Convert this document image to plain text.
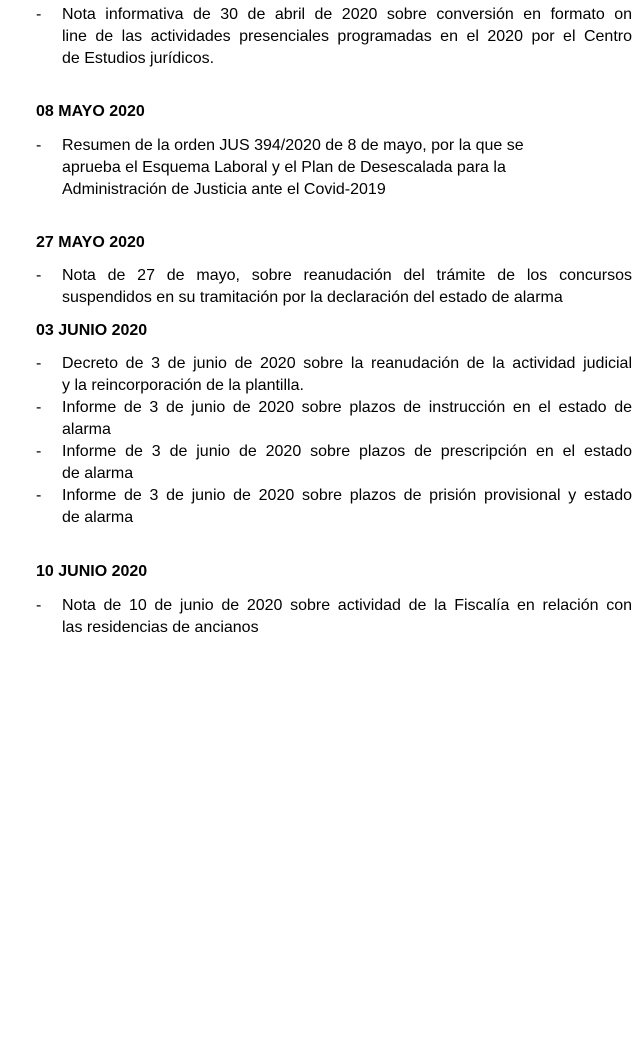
-	Nota informativa de 30 de abril de 2020 sobre conversión en formato on
line de las actividades presenciales programadas en el 2020 por el Centro
de Estudios jurídicos.
08 MAYO 2020
-	Resumen de la orden JUS 394/2020 de 8 de mayo, por la que se
aprueba el Esquema Laboral y el Plan de Desescalada para la
Administración de Justicia ante el Covid-2019
27 MAYO 2020
-	Nota de 27 de mayo, sobre reanudación del trámite de los concursos
suspendidos en su tramitación por la declaración del estado de alarma
03 JUNIO 2020
-	Decreto de 3 de junio de 2020 sobre la reanudación de la actividad judicial
y la reincorporación de la plantilla.
-	Informe de 3 de junio de 2020 sobre plazos de instrucción en el estado de
alarma
-	Informe de 3 de junio de 2020 sobre plazos de prescripción en el estado
de alarma
-	Informe de 3 de junio de 2020 sobre plazos de prisión provisional y estado
de alarma
10 JUNIO 2020
-	Nota de 10 de junio de 2020 sobre actividad de la Fiscalía en relación con
las residencias de ancianos
